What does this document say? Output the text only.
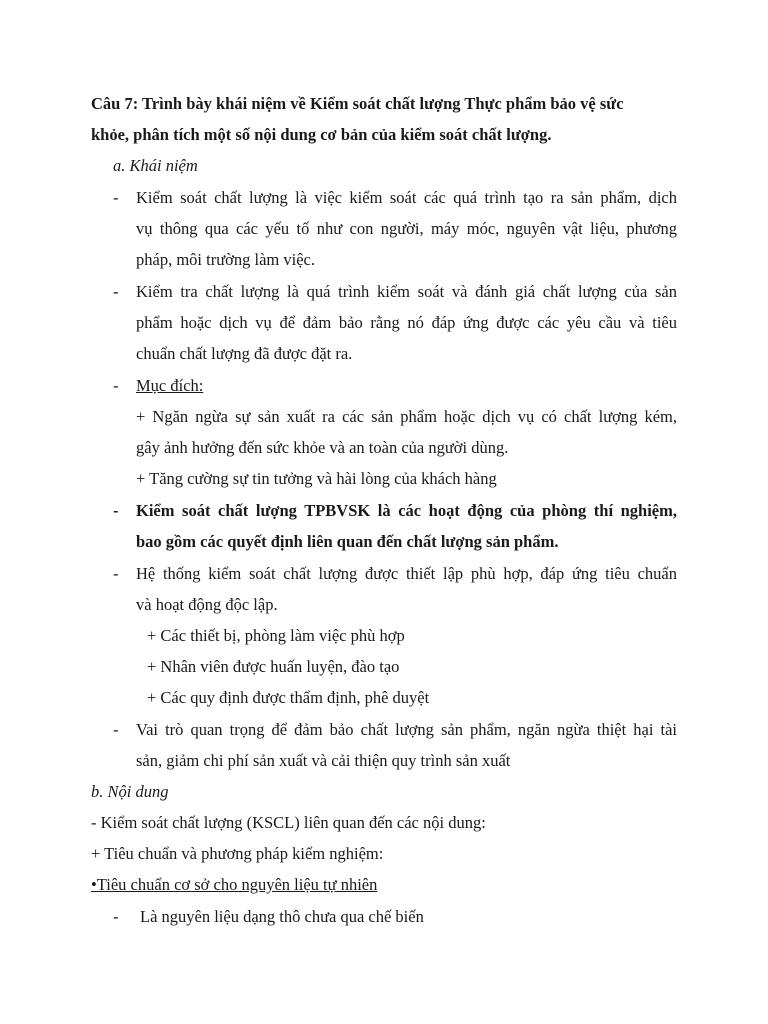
Câu 7: Trình bày khái niệm về Kiểm soát chất lượng Thực phẩm bảo vệ sức
khỏe, phân tích một số nội dung cơ bản của kiểm soát chất lượng.
a. Khái niệm
- Kiểm soát chất lượng là việc kiểm soát các quá trình tạo ra sản phẩm, dịch
vụ thông qua các yếu tố như con người, máy móc, nguyên vật liệu, phương
pháp, môi trường làm việc.
- Kiểm tra chất lượng là quá trình kiểm soát và đánh giá chất lượng của sản
phẩm hoặc dịch vụ để đảm bảo rằng nó đáp ứng được các yêu cầu và tiêu
chuẩn chất lượng đã được đặt ra.
- Mục đích:
+ Ngăn ngừa sự sản xuất ra các sản phẩm hoặc dịch vụ có chất lượng kém,
gây ảnh hưởng đến sức khỏe và an toàn của người dùng.
+ Tăng cường sự tin tưởng và hài lòng của khách hàng
- Kiểm soát chất lượng TPBVSK là các hoạt động của phòng thí nghiệm,
bao gồm các quyết định liên quan đến chất lượng sản phẩm.
- Hệ thống kiểm soát chất lượng được thiết lập phù hợp, đáp ứng tiêu chuẩn
và hoạt động độc lập.
+ Các thiết bị, phòng làm việc phù hợp
+ Nhân viên được huấn luyện, đào tạo
+ Các quy định được thẩm định, phê duyệt
- Vai trò quan trọng để đảm bảo chất lượng sản phẩm, ngăn ngừa thiệt hại tài
sản, giảm chi phí sản xuất và cải thiện quy trình sản xuất
b. Nội dung
- Kiểm soát chất lượng (KSCL) liên quan đến các nội dung:
+ Tiêu chuẩn và phương pháp kiểm nghiệm:
•Tiêu chuẩn cơ sở cho nguyên liệu tự nhiên
- Là nguyên liệu dạng thô chưa qua chế biến
